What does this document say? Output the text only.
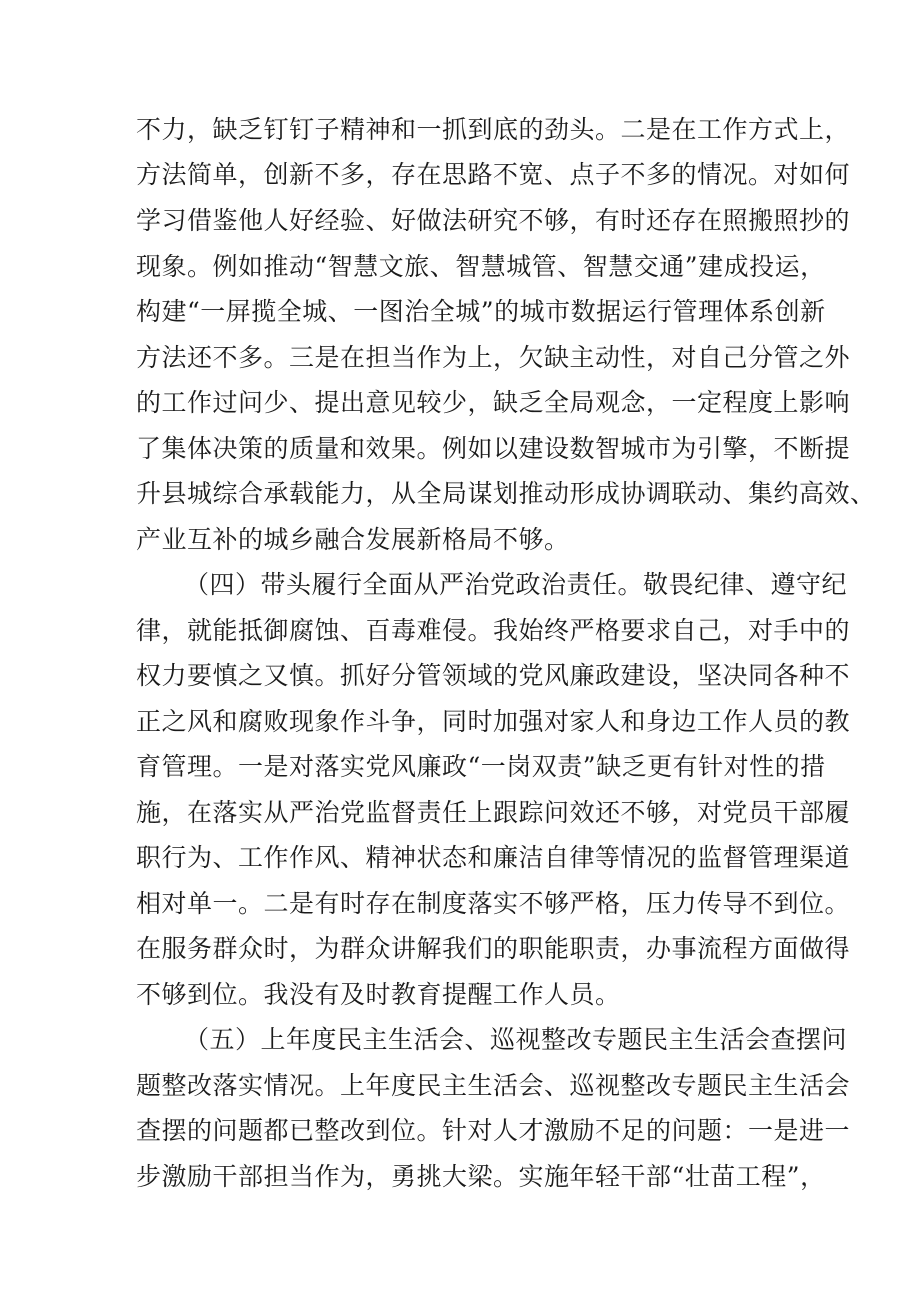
不力，缺乏钉钉子精神和一抓到底的劲头。二是在工作方式上，
方法简单，创新不多，存在思路不宽、点子不多的情况。对如何
学习借鉴他人好经验、好做法研究不够，有时还存在照搬照抄的
现象。例如推动“智慧文旅、智慧城管、智慧交通”建成投运，
构建“一屏揽全城、一图治全城”的城市数据运行管理体系创新
方法还不多。三是在担当作为上，欠缺主动性，对自己分管之外
的工作过问少、提出意见较少，缺乏全局观念，一定程度上影响
了集体决策的质量和效果。例如以建设数智城市为引擎，不断提
升县城综合承载能力，从全局谋划推动形成协调联动、集约高效、
产业互补的城乡融合发展新格局不够。
（四）带头履行全面从严治党政治责任。敬畏纪律、遵守纪
律，就能抵御腐蚀、百毒难侵。我始终严格要求自己，对手中的
权力要慎之又慎。抓好分管领域的党风廉政建设，坚决同各种不
正之风和腐败现象作斗争，同时加强对家人和身边工作人员的教
育管理。一是对落实党风廉政“一岗双责”缺乏更有针对性的措
施，在落实从严治党监督责任上跟踪问效还不够，对党员干部履
职行为、工作作风、精神状态和廉洁自律等情况的监督管理渠道
相对单一。二是有时存在制度落实不够严格，压力传导不到位。
在服务群众时，为群众讲解我们的职能职责，办事流程方面做得
不够到位。我没有及时教育提醒工作人员。
（五）上年度民主生活会、巡视整改专题民主生活会查摆问
题整改落实情况。上年度民主生活会、巡视整改专题民主生活会
查摆的问题都已整改到位。针对人才激励不足的问题：一是进一
步激励干部担当作为，勇挑大梁。实施年轻干部“壮苗工程”，
